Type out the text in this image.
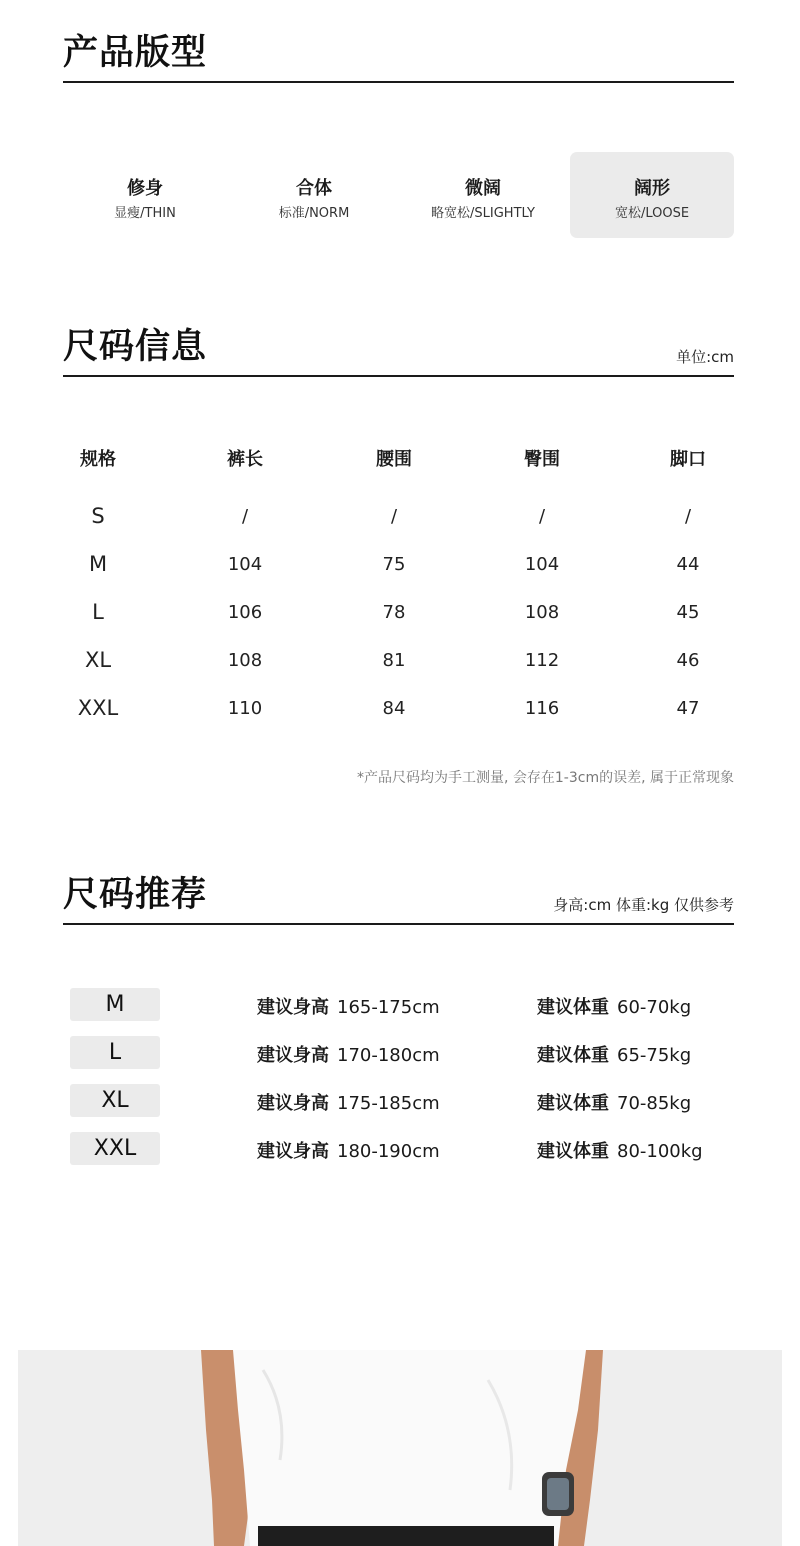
产品版型
修身
显瘦/THIN
合体
标准/NORM
微阔
略宽松/SLIGHTLY
阔形
宽松/LOOSE
尺码信息	单位:cm
规格	裤长	腰围	臀围	脚口
S	/	/	/	/
M	104	75	104	44
L	106	78	108	45
XL	108	81	112	46
XXL	110	84	116	47
*产品尺码均为手工测量, 会存在1-3cm的误差, 属于正常现象
尺码推荐	身高:cm 体重:kg 仅供参考
M	建议身高 165-175cm	建议体重 60-70kg
L	建议身高 170-180cm	建议体重 65-75kg
XL	建议身高 175-185cm	建议体重 70-85kg
XXL	建议身高 180-190cm	建议体重 80-100kg
